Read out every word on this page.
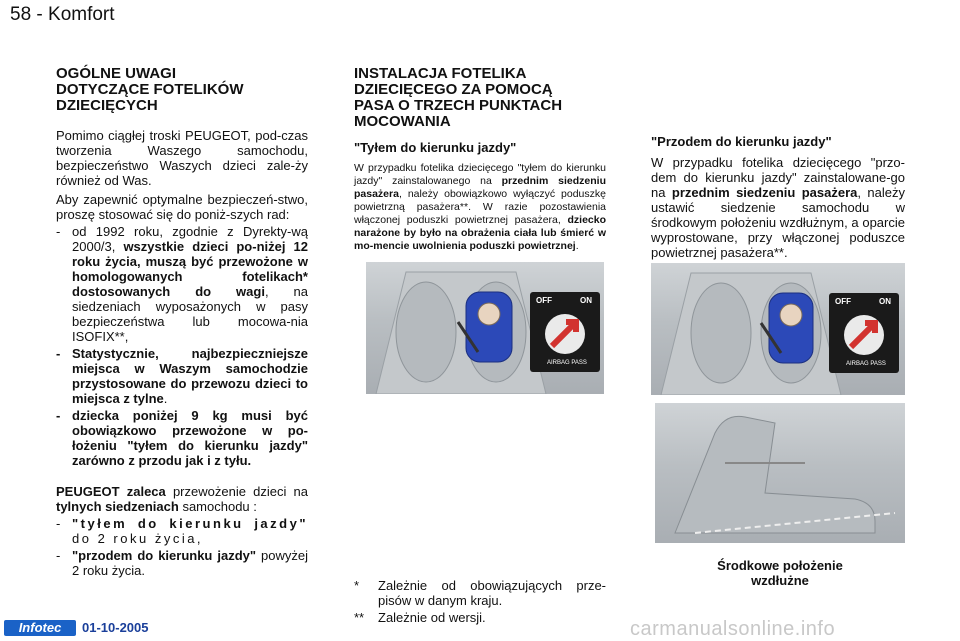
58 - Komfort
OGÓLNE UWAGI
DOTYCZĄCE FOTELIKÓW
DZIECIĘCYCH
Pomimo ciągłej troski PEUGEOT, pod-czas tworzenia Waszego samochodu, bezpieczeństwo Waszych dzieci zale-ży również od Was.
Aby zapewnić optymalne bezpieczeń-stwo, proszę stosować się do poniż-szych rad:
- od 1992 roku, zgodnie z Dyrekty-wą 2000/3, wszystkie dzieci po-niżej 12 roku życia, muszą być przewożone w homologowanych fotelikach* dostosowanych do wagi, na siedzeniach wyposażonych w pasy bezpieczeństwa lub mocowa-nia ISOFIX**,
- Statystycznie, najbezpieczniejsze miejsca w Waszym samochodzie przystosowane do przewozu dzieci to miejsca z tylne.
- dziecka poniżej 9 kg musi być obowiązkowo przewożone w po-łożeniu "tyłem do kierunku jazdy" zarówno z przodu jak i z tyłu.
PEUGEOT zaleca przewożenie dzieci na tylnych siedzeniach samochodu :
- "tyłem do kierunku jazdy" do 2 roku życia,
- "przodem do kierunku jazdy" powyżej 2 roku życia.
INSTALACJA FOTELIKA
DZIECIĘCEGO ZA POMOCĄ
PASA O TRZECH PUNKTACH
MOCOWANIA
"Tyłem do kierunku jazdy"
W przypadku fotelika dziecięcego "tyłem do kierunku jazdy" zainstalowanego na przednim siedzeniu pasażera, należy obowiązkowo wyłączyć poduszkę powietrzną pasażera**. W razie pozostawienia włączonej poduszki powietrznej pasażera, dziecko narażone by było na obrażenia ciała lub śmierć w mo-mencie uwolnienia poduszki powietrznej.
OFF	ON
AIRBAG PASS
*	Zależnie od obowiązujących prze-pisów w danym kraju.
**	Zależnie od wersji.
"Przodem do kierunku jazdy"
W przypadku fotelika dziecięcego "przo-dem do kierunku jazdy" zainstalowane-go na przednim siedzeniu pasażera, należy ustawić siedzenie samochodu w środkowym położeniu wzdłużnym, a oparcie wyprostowane, przy włączonej poduszce powietrznej pasażera**.
OFF	ON
AIRBAG PASS
Środkowe położenie
wzdłużne
Infotec	01-10-2005	carmanualsonline.info
